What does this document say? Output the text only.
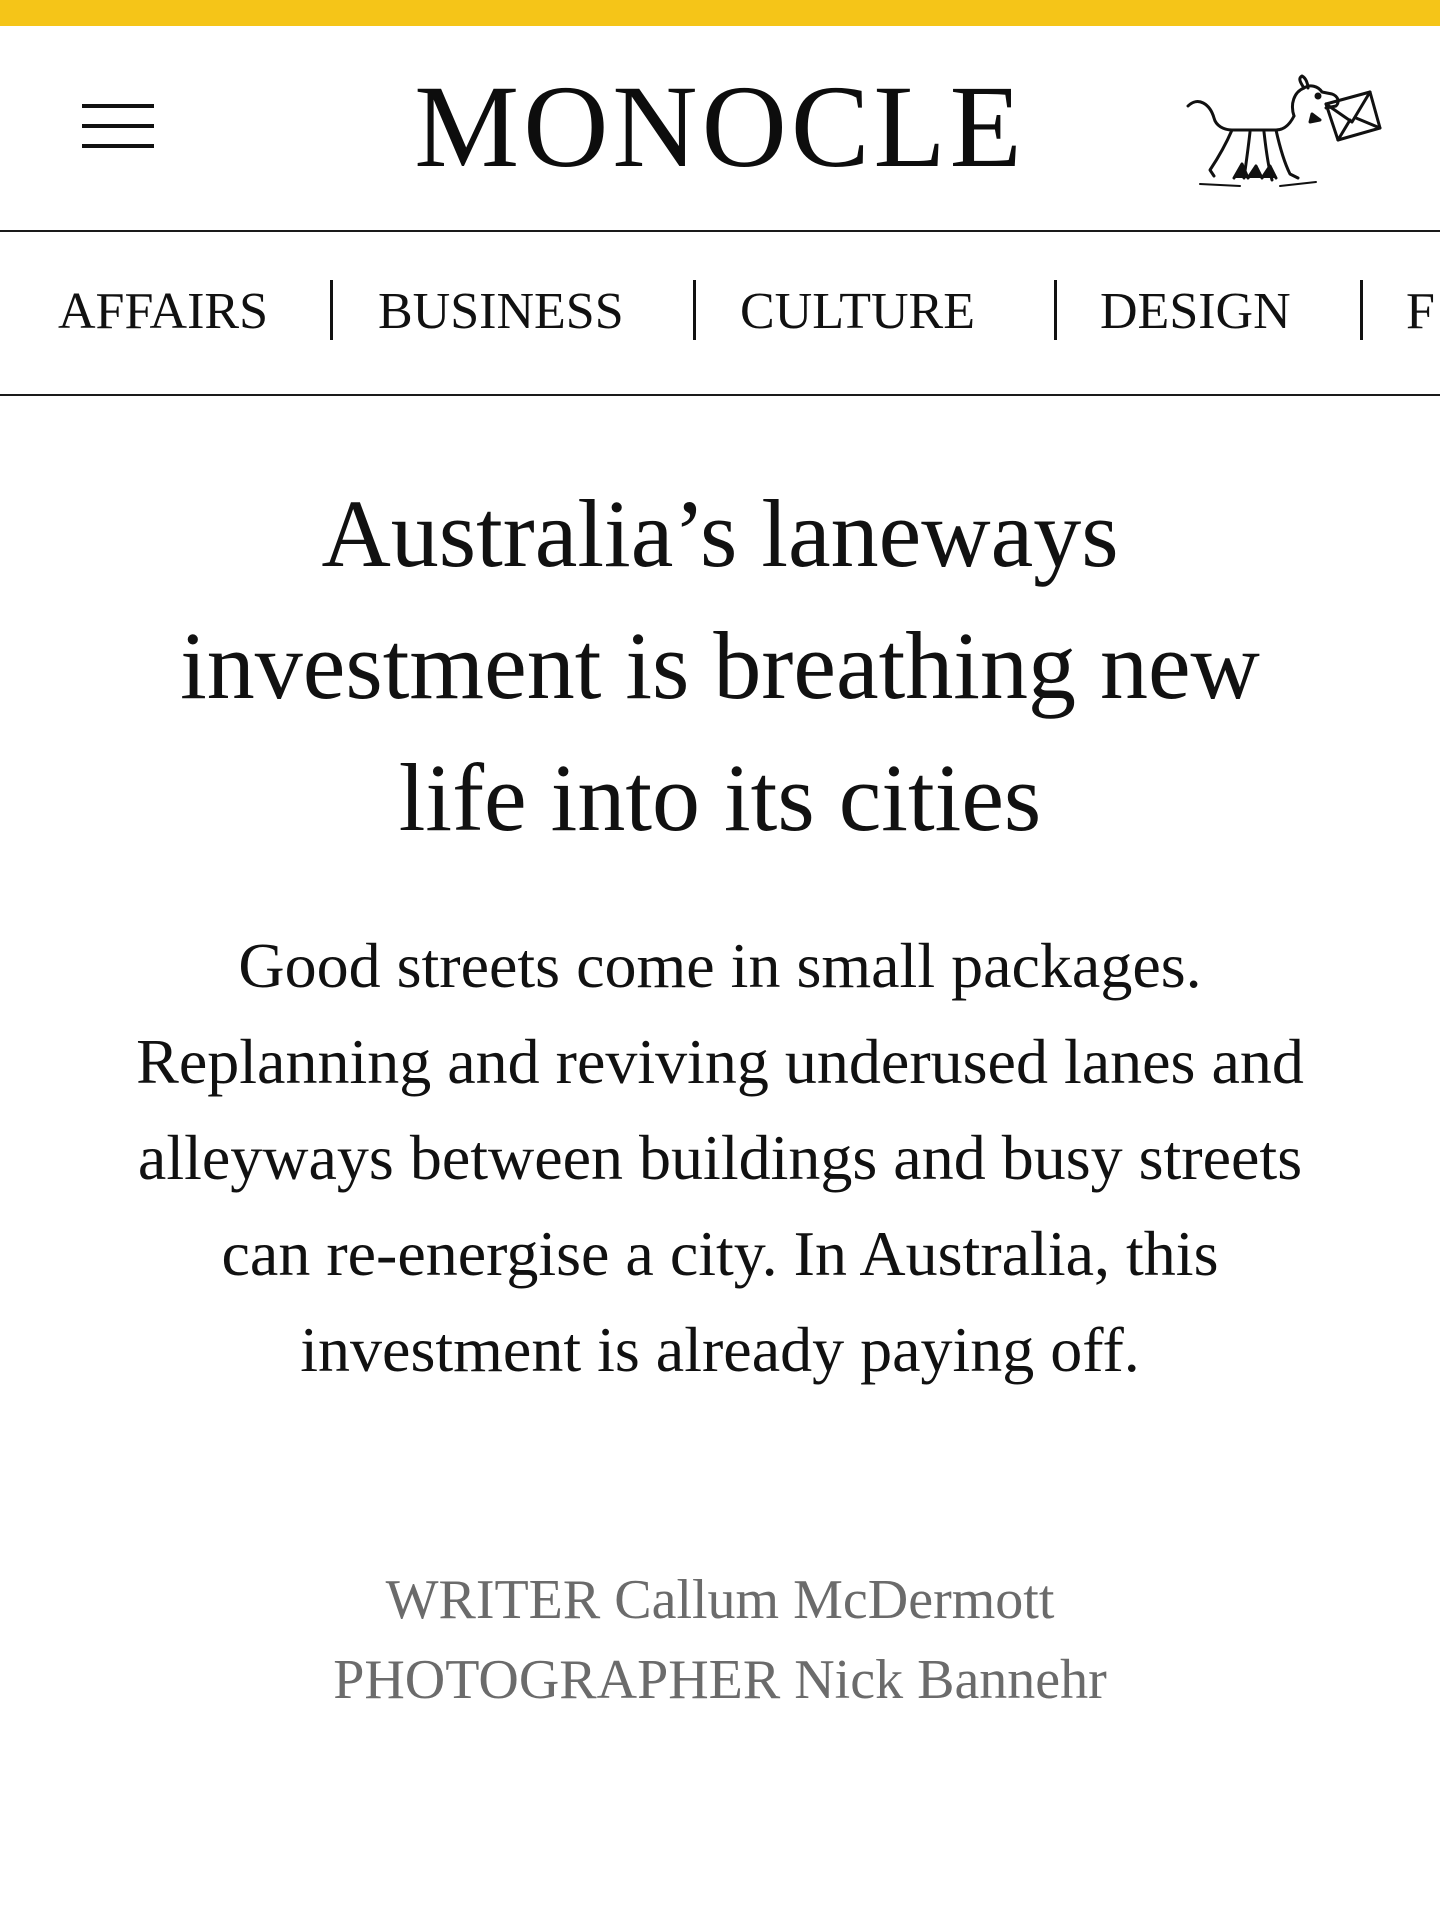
MONOCLE
AFFAIRS BUSINESS CULTURE DESIGN F
Australia’s laneways investment is breathing new life into its cities

Good streets come in small packages. Replanning and reviving underused lanes and alleyways between buildings and busy streets can re-energise a city. In Australia, this investment is already paying off.

WRITER Callum McDermott
PHOTOGRAPHER Nick Bannehr
